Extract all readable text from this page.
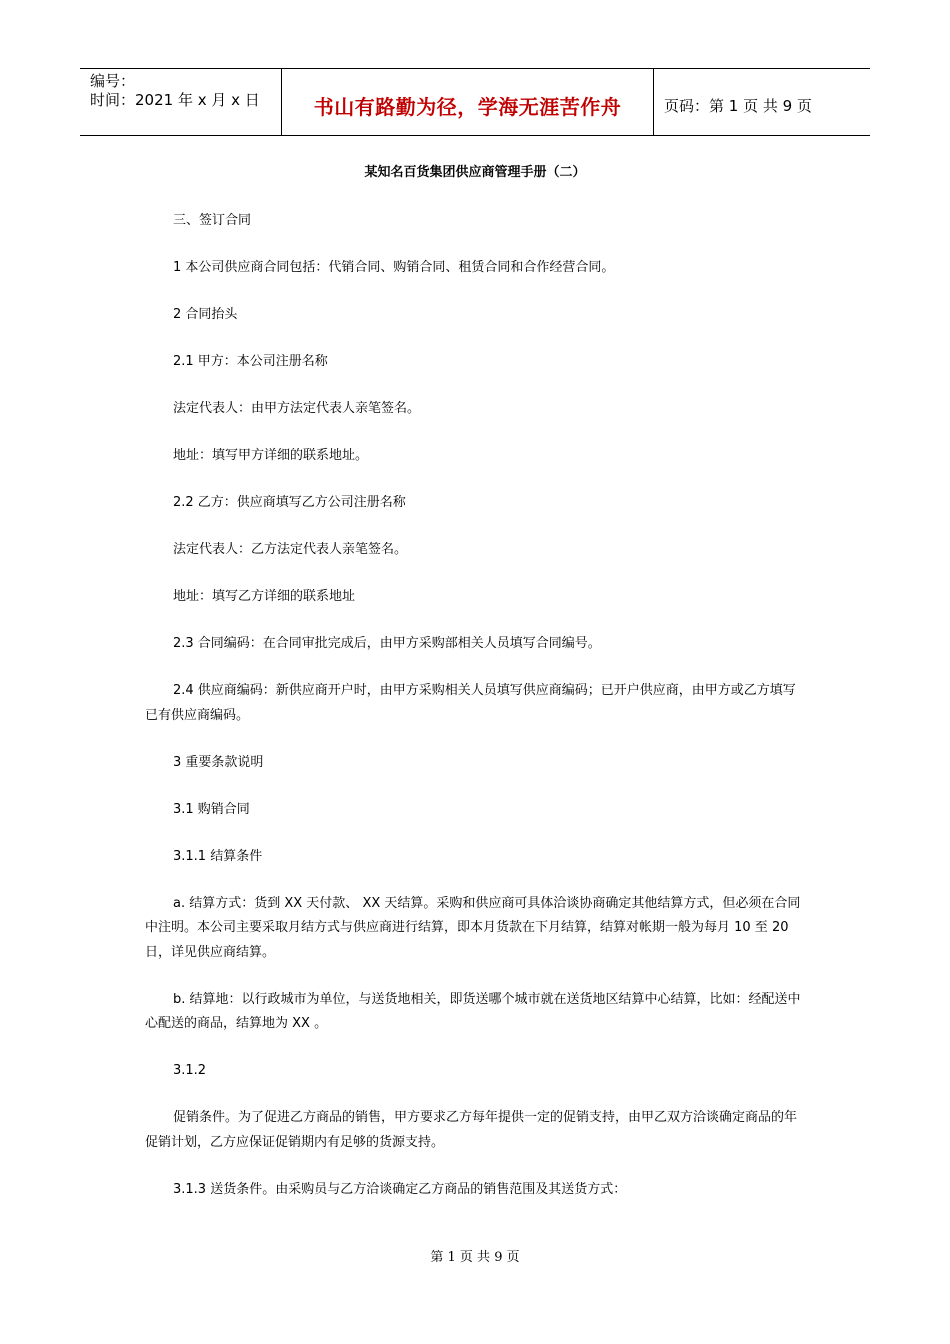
编号：
时间：2021 年 x 月 x 日	书山有路勤为径，学海无涯苦作舟	页码：第 1 页 共 9 页
某知名百货集团供应商管理手册（二）

三、签订合同

1 本公司供应商合同包括：代销合同、购销合同、租赁合同和合作经营合同。

2 合同抬头

2.1 甲方：本公司注册名称

法定代表人：由甲方法定代表人亲笔签名。

地址：填写甲方详细的联系地址。

2.2 乙方：供应商填写乙方公司注册名称

法定代表人：乙方法定代表人亲笔签名。

地址：填写乙方详细的联系地址

2.3 合同编码：在合同审批完成后，由甲方采购部相关人员填写合同编号。

2.4 供应商编码：新供应商开户时，由甲方采购相关人员填写供应商编码；已开户供应商，由甲方或乙方填写已有供应商编码。

3 重要条款说明

3.1 购销合同

3.1.1 结算条件

a. 结算方式：货到 XX 天付款、 XX 天结算。采购和供应商可具体洽谈协商确定其他结算方式，但必须在合同中注明。本公司主要采取月结方式与供应商进行结算，即本月货款在下月结算，结算对帐期一般为每月 10 至 20 日，详见供应商结算。

b. 结算地：以行政城市为单位，与送货地相关，即货送哪个城市就在送货地区结算中心结算，比如：经配送中心配送的商品，结算地为 XX 。

3.1.2

促销条件。为了促进乙方商品的销售，甲方要求乙方每年提供一定的促销支持，由甲乙双方洽谈确定商品的年促销计划，乙方应保证促销期内有足够的货源支持。

3.1.3 送货条件。由采购员与乙方洽谈确定乙方商品的销售范围及其送货方式：

第 1 页 共 9 页
